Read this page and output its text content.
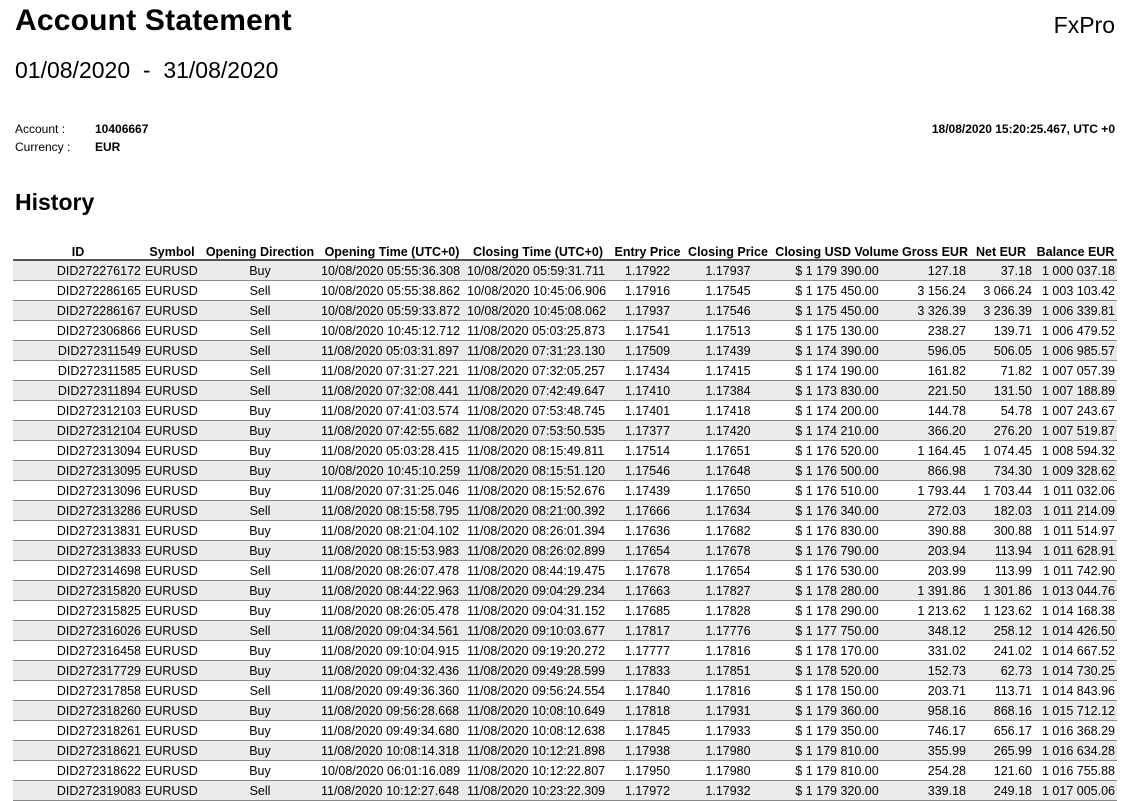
Account Statement	FxPro
01/08/2020  -  31/08/2020
Account :	10406667
Currency :	EUR
18/08/2020 15:20:25.467, UTC +0
History
ID	Symbol	Opening Direction	Opening Time (UTC+0)	Closing Time (UTC+0)	Entry Price	Closing Price	Closing USD Volume	Gross EUR	Net EUR	Balance EUR
DID272276172	EURUSD	Buy	10/08/2020 05:55:36.308	10/08/2020 05:59:31.711	1.17922	1.17937	$ 1 179 390.00	127.18	37.18	1 000 037.18
DID272286165	EURUSD	Sell	10/08/2020 05:55:38.862	10/08/2020 10:45:06.906	1.17916	1.17545	$ 1 175 450.00	3 156.24	3 066.24	1 003 103.42
DID272286167	EURUSD	Sell	10/08/2020 05:59:33.872	10/08/2020 10:45:08.062	1.17937	1.17546	$ 1 175 450.00	3 326.39	3 236.39	1 006 339.81
DID272306866	EURUSD	Sell	10/08/2020 10:45:12.712	11/08/2020 05:03:25.873	1.17541	1.17513	$ 1 175 130.00	238.27	139.71	1 006 479.52
DID272311549	EURUSD	Sell	11/08/2020 05:03:31.897	11/08/2020 07:31:23.130	1.17509	1.17439	$ 1 174 390.00	596.05	506.05	1 006 985.57
DID272311585	EURUSD	Sell	11/08/2020 07:31:27.221	11/08/2020 07:32:05.257	1.17434	1.17415	$ 1 174 190.00	161.82	71.82	1 007 057.39
DID272311894	EURUSD	Sell	11/08/2020 07:32:08.441	11/08/2020 07:42:49.647	1.17410	1.17384	$ 1 173 830.00	221.50	131.50	1 007 188.89
DID272312103	EURUSD	Buy	11/08/2020 07:41:03.574	11/08/2020 07:53:48.745	1.17401	1.17418	$ 1 174 200.00	144.78	54.78	1 007 243.67
DID272312104	EURUSD	Buy	11/08/2020 07:42:55.682	11/08/2020 07:53:50.535	1.17377	1.17420	$ 1 174 210.00	366.20	276.20	1 007 519.87
DID272313094	EURUSD	Buy	11/08/2020 05:03:28.415	11/08/2020 08:15:49.811	1.17514	1.17651	$ 1 176 520.00	1 164.45	1 074.45	1 008 594.32
DID272313095	EURUSD	Buy	10/08/2020 10:45:10.259	11/08/2020 08:15:51.120	1.17546	1.17648	$ 1 176 500.00	866.98	734.30	1 009 328.62
DID272313096	EURUSD	Buy	11/08/2020 07:31:25.046	11/08/2020 08:15:52.676	1.17439	1.17650	$ 1 176 510.00	1 793.44	1 703.44	1 011 032.06
DID272313286	EURUSD	Sell	11/08/2020 08:15:58.795	11/08/2020 08:21:00.392	1.17666	1.17634	$ 1 176 340.00	272.03	182.03	1 011 214.09
DID272313831	EURUSD	Buy	11/08/2020 08:21:04.102	11/08/2020 08:26:01.394	1.17636	1.17682	$ 1 176 830.00	390.88	300.88	1 011 514.97
DID272313833	EURUSD	Buy	11/08/2020 08:15:53.983	11/08/2020 08:26:02.899	1.17654	1.17678	$ 1 176 790.00	203.94	113.94	1 011 628.91
DID272314698	EURUSD	Sell	11/08/2020 08:26:07.478	11/08/2020 08:44:19.475	1.17678	1.17654	$ 1 176 530.00	203.99	113.99	1 011 742.90
DID272315820	EURUSD	Buy	11/08/2020 08:44:22.963	11/08/2020 09:04:29.234	1.17663	1.17827	$ 1 178 280.00	1 391.86	1 301.86	1 013 044.76
DID272315825	EURUSD	Buy	11/08/2020 08:26:05.478	11/08/2020 09:04:31.152	1.17685	1.17828	$ 1 178 290.00	1 213.62	1 123.62	1 014 168.38
DID272316026	EURUSD	Sell	11/08/2020 09:04:34.561	11/08/2020 09:10:03.677	1.17817	1.17776	$ 1 177 750.00	348.12	258.12	1 014 426.50
DID272316458	EURUSD	Buy	11/08/2020 09:10:04.915	11/08/2020 09:19:20.272	1.17777	1.17816	$ 1 178 170.00	331.02	241.02	1 014 667.52
DID272317729	EURUSD	Buy	11/08/2020 09:04:32.436	11/08/2020 09:49:28.599	1.17833	1.17851	$ 1 178 520.00	152.73	62.73	1 014 730.25
DID272317858	EURUSD	Sell	11/08/2020 09:49:36.360	11/08/2020 09:56:24.554	1.17840	1.17816	$ 1 178 150.00	203.71	113.71	1 014 843.96
DID272318260	EURUSD	Buy	11/08/2020 09:56:28.668	11/08/2020 10:08:10.649	1.17818	1.17931	$ 1 179 360.00	958.16	868.16	1 015 712.12
DID272318261	EURUSD	Buy	11/08/2020 09:49:34.680	11/08/2020 10:08:12.638	1.17845	1.17933	$ 1 179 350.00	746.17	656.17	1 016 368.29
DID272318621	EURUSD	Buy	11/08/2020 10:08:14.318	11/08/2020 10:12:21.898	1.17938	1.17980	$ 1 179 810.00	355.99	265.99	1 016 634.28
DID272318622	EURUSD	Buy	10/08/2020 06:01:16.089	11/08/2020 10:12:22.807	1.17950	1.17980	$ 1 179 810.00	254.28	121.60	1 016 755.88
DID272319083	EURUSD	Sell	11/08/2020 10:12:27.648	11/08/2020 10:23:22.309	1.17972	1.17932	$ 1 179 320.00	339.18	249.18	1 017 005.06
